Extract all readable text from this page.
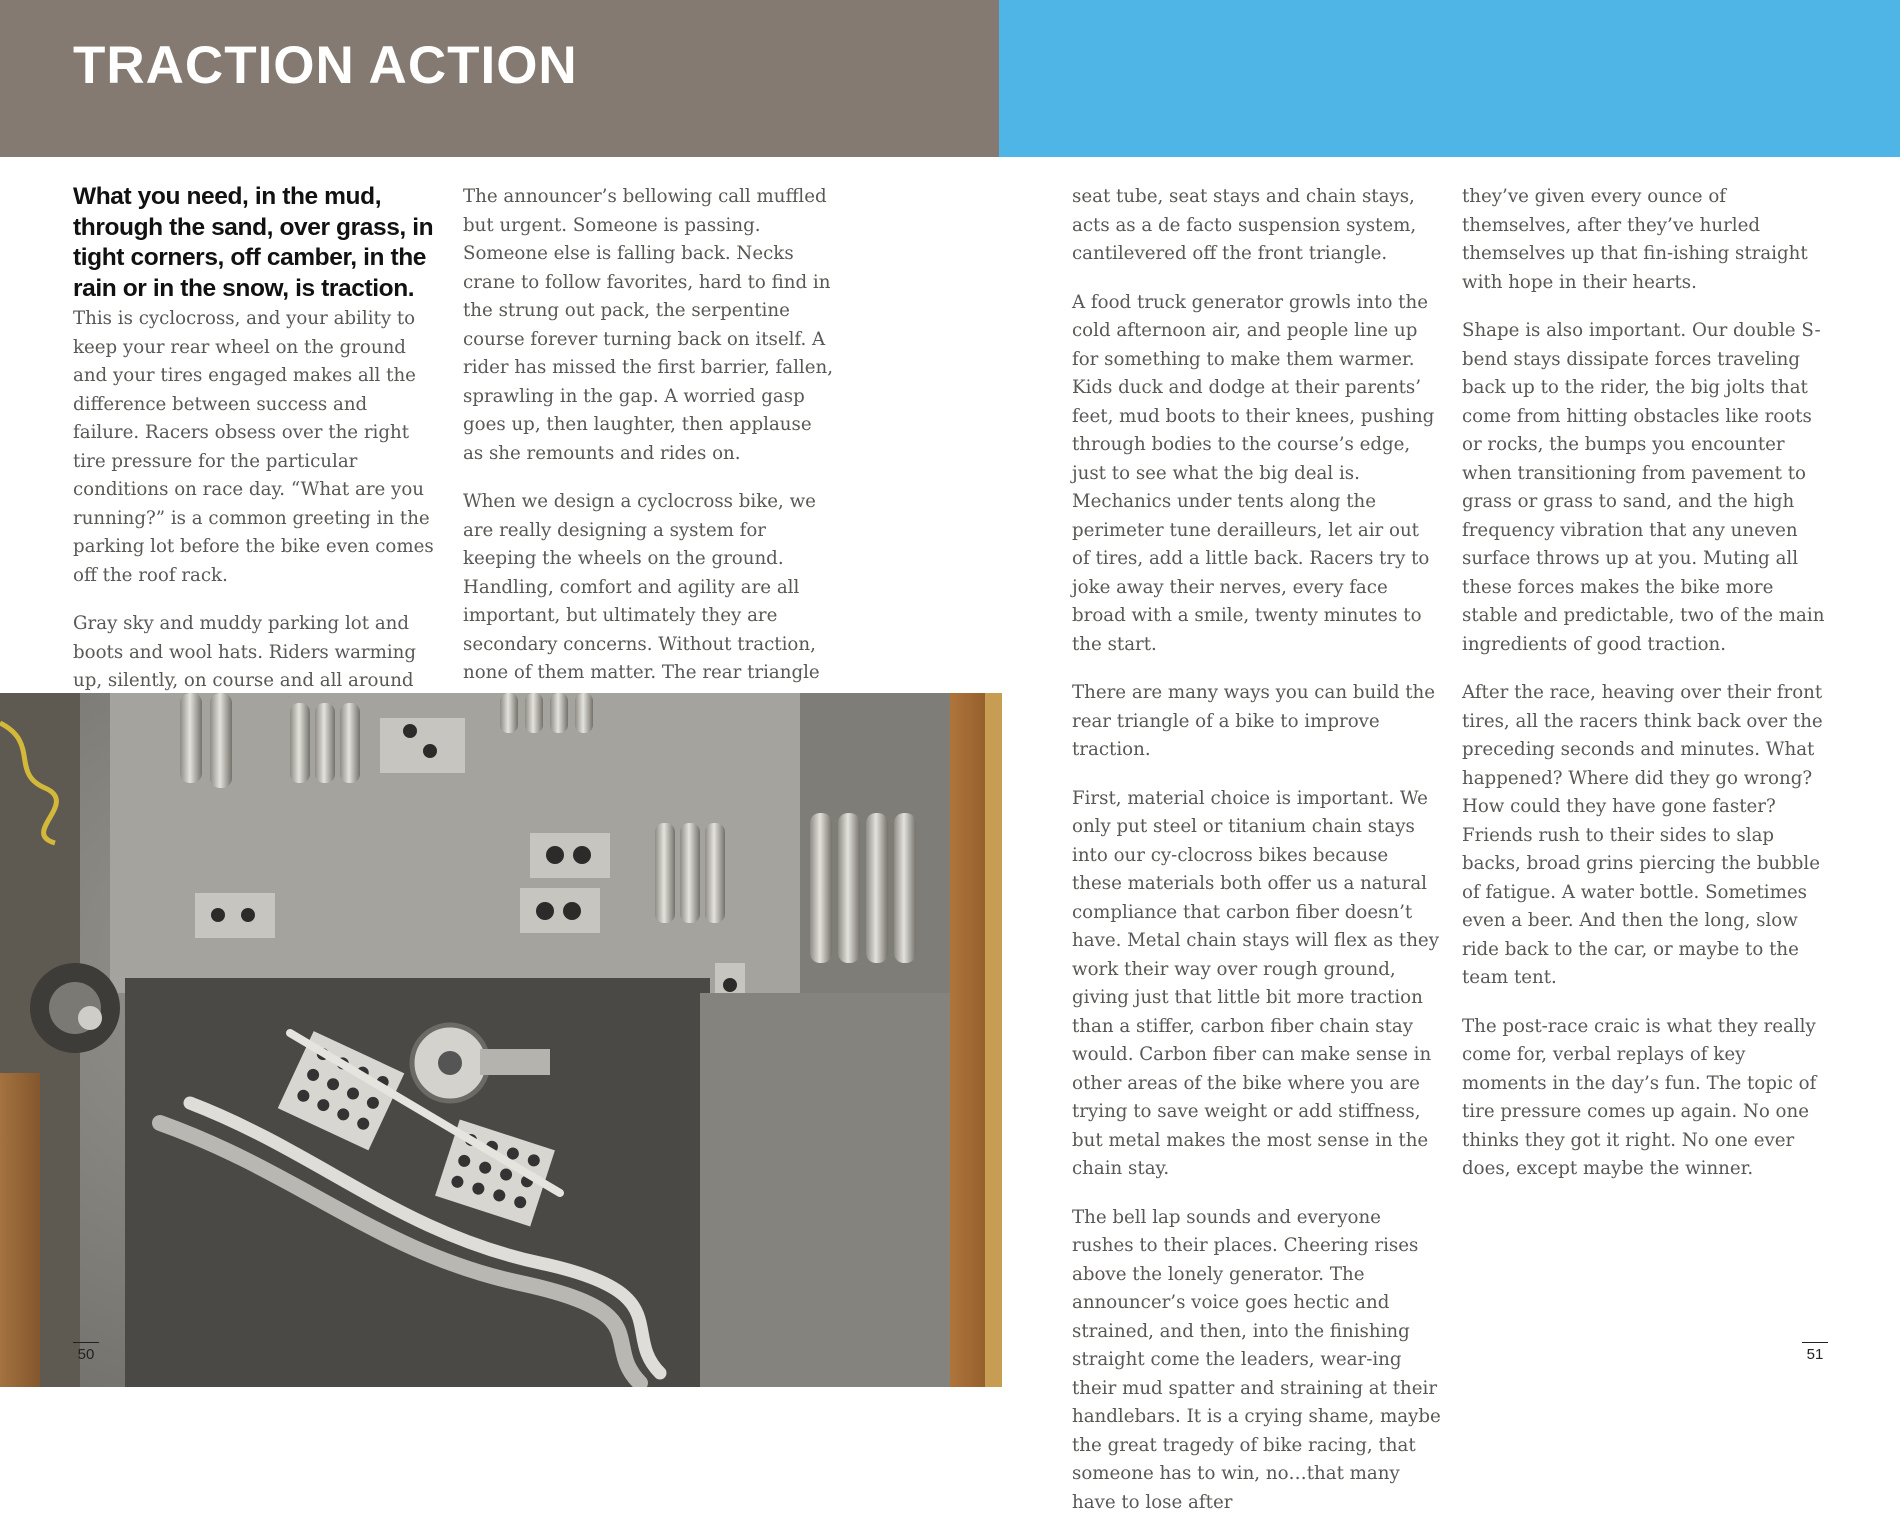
TRACTION ACTION

What you need, in the mud, through the sand, over grass, in tight corners, off camber, in the rain or in the snow, is traction. This is cyclocross, and your ability to keep your rear wheel on the ground and your tires engaged makes all the difference between success and failure. Racers obsess over the right tire pressure for the particular conditions on race day. “What are you running?” is a common greeting in the parking lot before the bike even comes off the roof rack.

Gray sky and muddy parking lot and boots and wool hats. Riders warming up, silently, on course and all around

The announcer’s bellowing call muffled but urgent. Someone is passing. Someone else is falling back. Necks crane to follow favorites, hard to find in the strung out pack, the serpentine course forever turning back on itself. A rider has missed the first barrier, fallen, sprawling in the gap. A worried gasp goes up, then laughter, then applause as she remounts and rides on.

When we design a cyclocross bike, we are really designing a system for keeping the wheels on the ground. Handling, comfort and agility are all important, but ultimately they are secondary concerns. Without traction, none of them matter. The rear triangle

seat tube, seat stays and chain stays, acts as a de facto suspension system, cantilevered off the front triangle.

A food truck generator growls into the cold afternoon air, and people line up for something to make them warmer. Kids duck and dodge at their parents’ feet, mud boots to their knees, pushing through bodies to the course’s edge, just to see what the big deal is. Mechanics under tents along the perimeter tune derailleurs, let air out of tires, add a little back. Racers try to joke away their nerves, every face broad with a smile, twenty minutes to the start.

There are many ways you can build the rear triangle of a bike to improve traction.

First, material choice is important. We only put steel or titanium chain stays into our cy-clocross bikes because these materials both offer us a natural compliance that carbon fiber doesn’t have. Metal chain stays will flex as they work their way over rough ground, giving just that little bit more traction than a stiffer, carbon fiber chain stay would. Carbon fiber can make sense in other areas of the bike where you are trying to save weight or add stiffness, but metal makes the most sense in the chain stay.

The bell lap sounds and everyone rushes to their places. Cheering rises above the lonely generator. The announcer’s voice goes hectic and strained, and then, into the finishing straight come the leaders, wear-ing their mud spatter and straining at their handlebars. It is a crying shame, maybe the great tragedy of bike racing, that someone has to win, no…that many have to lose after

they’ve given every ounce of themselves, after they’ve hurled themselves up that fin-ishing straight with hope in their hearts.

Shape is also important. Our double S-bend stays dissipate forces traveling back up to the rider, the big jolts that come from hitting obstacles like roots or rocks, the bumps you encounter when transitioning from pavement to grass or grass to sand, and the high frequency vibration that any uneven surface throws up at you. Muting all these forces makes the bike more stable and predictable, two of the main ingredients of good traction.

After the race, heaving over their front tires, all the racers think back over the preceding seconds and minutes. What happened? Where did they go wrong? How could they have gone faster? Friends rush to their sides to slap backs, broad grins piercing the bubble of fatigue. A water bottle. Sometimes even a beer. And then the long, slow ride back to the car, or maybe to the team tent.

The post-race craic is what they really come for, verbal replays of key moments in the day’s fun. The topic of tire pressure comes up again. No one thinks they got it right. No one ever does, except maybe the winner.

50	51
